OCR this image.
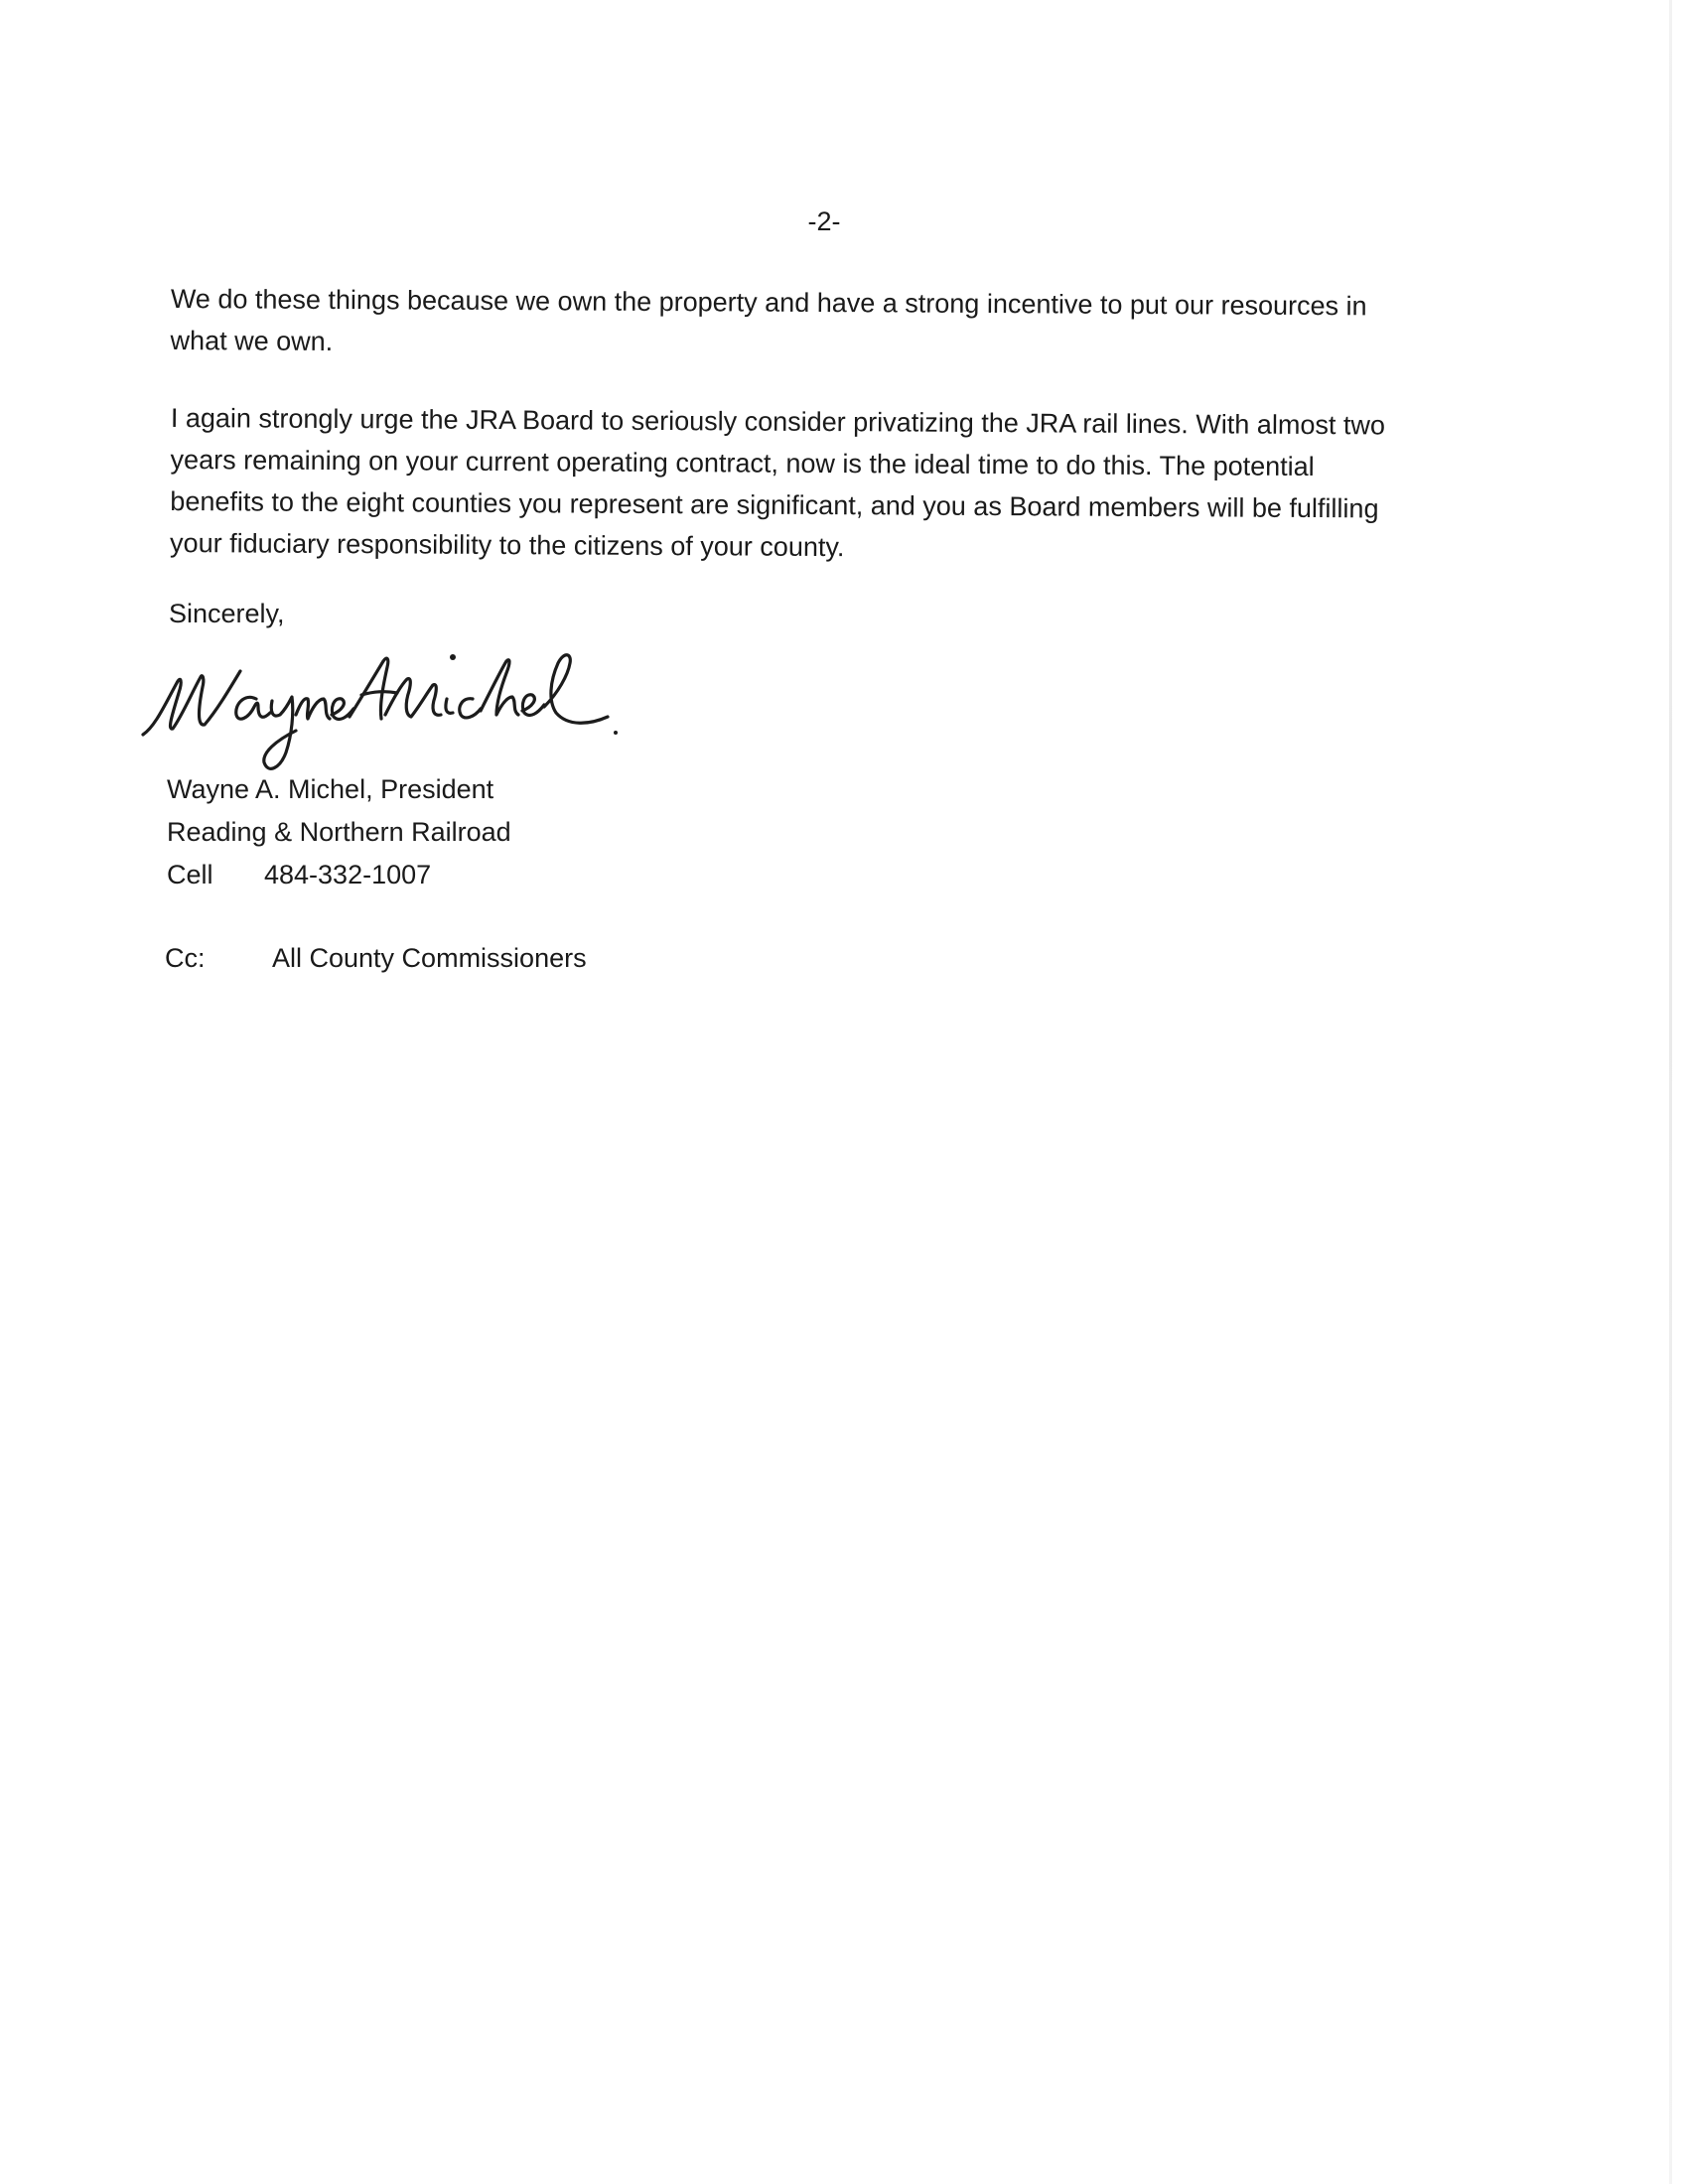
-2-
We do these things because we own the property and have a strong incentive to put our resources in
what we own.
I again strongly urge the JRA Board to seriously consider privatizing the JRA rail lines. With almost two
years remaining on your current operating contract, now is the ideal time to do this. The potential
benefits to the eight counties you represent are significant, and you as Board members will be fulfilling
your fiduciary responsibility to the citizens of your county.
Sincerely,
Wayne A. Michel, President
Reading & Northern Railroad
Cell	484-332-1007
Cc:	All County Commissioners
